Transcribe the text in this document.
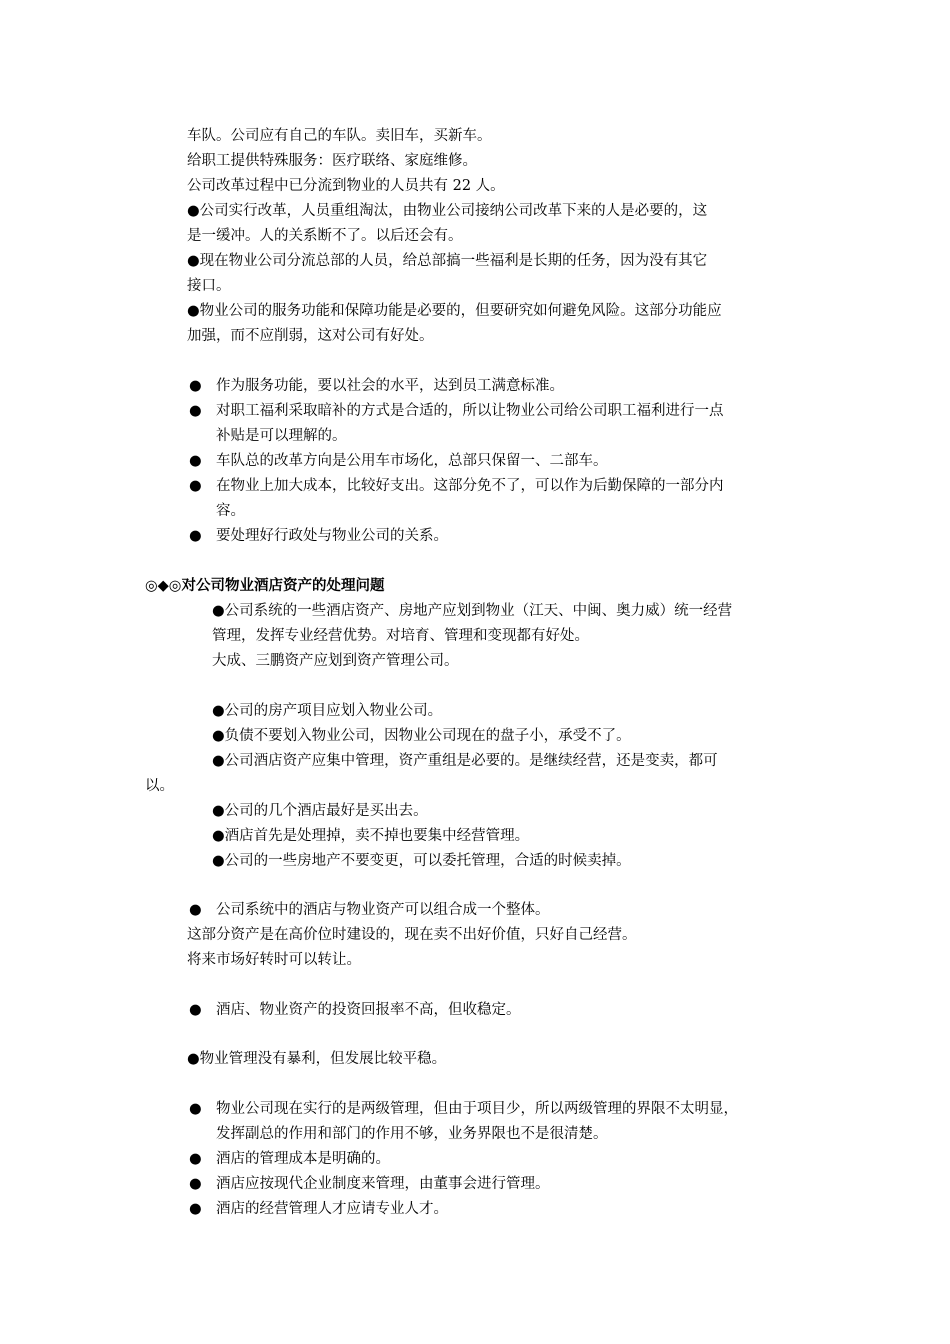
车队。公司应有自己的车队。卖旧车，买新车。
给职工提供特殊服务：医疗联络、家庭维修。
公司改革过程中已分流到物业的人员共有 22 人。
●公司实行改革，人员重组淘汰，由物业公司接纳公司改革下来的人是必要的，这
是一缓冲。人的关系断不了。以后还会有。
●现在物业公司分流总部的人员，给总部搞一些福利是长期的任务，因为没有其它
接口。
●物业公司的服务功能和保障功能是必要的，但要研究如何避免风险。这部分功能应
加强，而不应削弱，这对公司有好处。
● 作为服务功能，要以社会的水平，达到员工满意标准。
● 对职工福利采取暗补的方式是合适的，所以让物业公司给公司职工福利进行一点
补贴是可以理解的。
● 车队总的改革方向是公用车市场化，总部只保留一、二部车。
● 在物业上加大成本，比较好支出。这部分免不了，可以作为后勤保障的一部分内
容。
● 要处理好行政处与物业公司的关系。
◎◆◎对公司物业酒店资产的处理问题
●公司系统的一些酒店资产、房地产应划到物业（江天、中闽、奥力威）统一经营
管理，发挥专业经营优势。对培育、管理和变现都有好处。
大成、三鹏资产应划到资产管理公司。
●公司的房产项目应划入物业公司。
●负债不要划入物业公司，因物业公司现在的盘子小，承受不了。
●公司酒店资产应集中管理，资产重组是必要的。是继续经营，还是变卖，都可
以。
●公司的几个酒店最好是买出去。
●酒店首先是处理掉，卖不掉也要集中经营管理。
●公司的一些房地产不要变更，可以委托管理，合适的时候卖掉。
● 公司系统中的酒店与物业资产可以组合成一个整体。
这部分资产是在高价位时建设的，现在卖不出好价值，只好自己经营。
将来市场好转时可以转让。
● 酒店、物业资产的投资回报率不高，但收稳定。
●物业管理没有暴利，但发展比较平稳。
● 物业公司现在实行的是两级管理，但由于项目少，所以两级管理的界限不太明显，
发挥副总的作用和部门的作用不够，业务界限也不是很清楚。
● 酒店的管理成本是明确的。
● 酒店应按现代企业制度来管理，由董事会进行管理。
● 酒店的经营管理人才应请专业人才。
